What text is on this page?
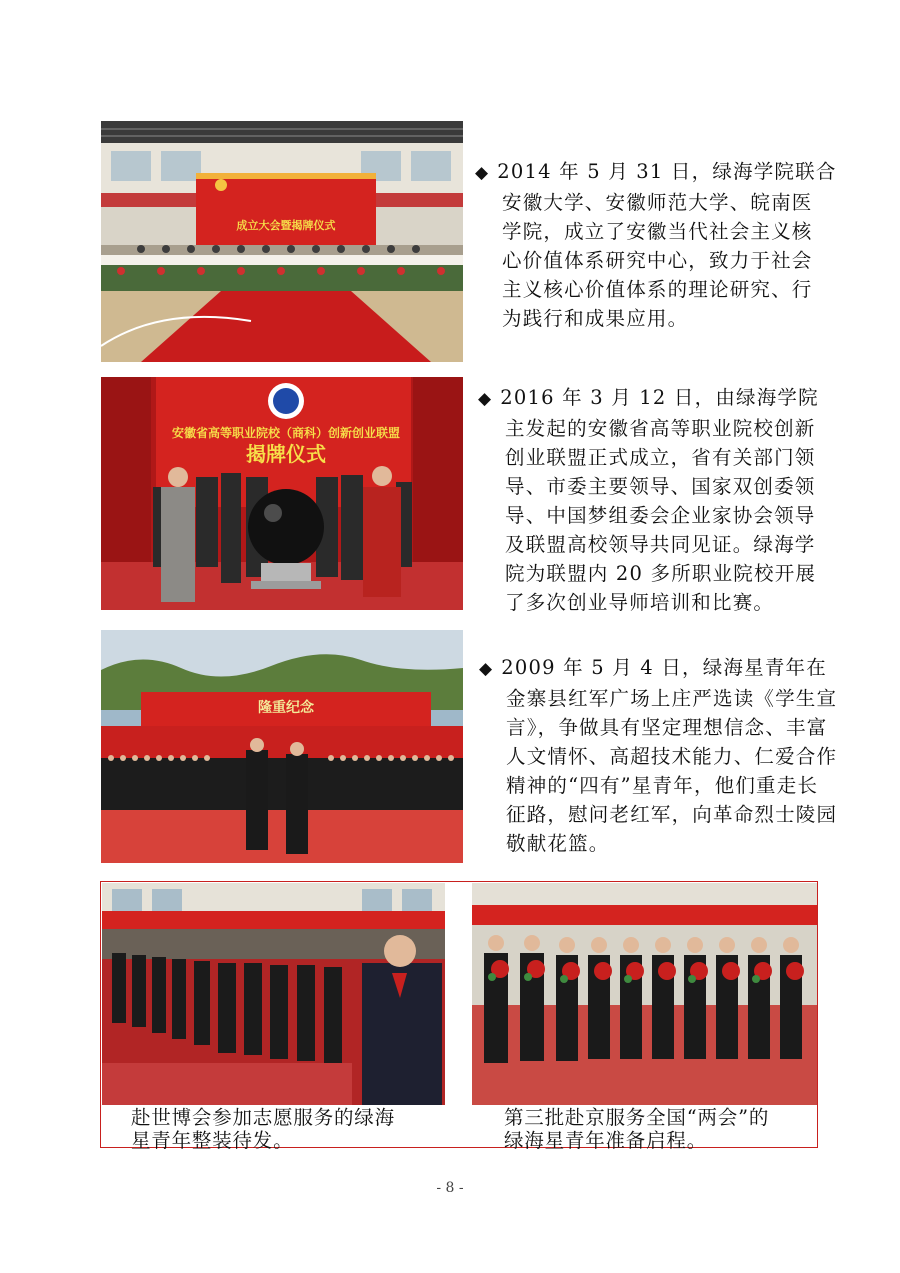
成立大会暨揭牌仪式
◆ 2014 年 5 月 31 日，绿海学院联合
安徽大学、安徽师范大学、皖南医
学院，成立了安徽当代社会主义核
心价值体系研究中心，致力于社会
主义核心价值体系的理论研究、行
为践行和成果应用。
安徽省高等职业院校（商科）创新创业联盟
揭牌仪式
◆ 2016 年 3 月 12 日，由绿海学院
主发起的安徽省高等职业院校创新
创业联盟正式成立，省有关部门领
导、市委主要领导、国家双创委领
导、中国梦组委会企业家协会领导
及联盟高校领导共同见证。绿海学
院为联盟内 20 多所职业院校开展
了多次创业导师培训和比赛。
隆重纪念
◆ 2009 年 5 月 4 日，绿海星青年在
金寨县红军广场上庄严选读《学生宣
言》，争做具有坚定理想信念、丰富
人文情怀、高超技术能力、仁爱合作
精神的“四有”星青年，他们重走长
征路，慰问老红军，向革命烈士陵园
敬献花篮。
赴世博会参加志愿服务的绿海
星青年整装待发。
第三批赴京服务全国“两会”的
绿海星青年准备启程。
- 8 -
